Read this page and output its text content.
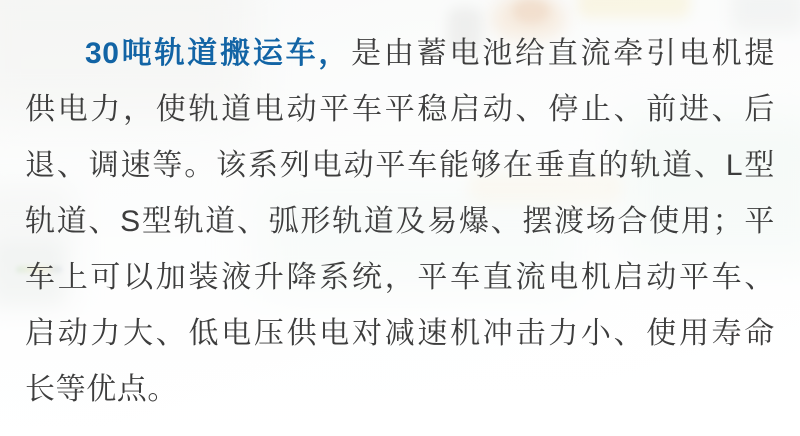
30吨轨道搬运车，是由蓄电池给直流牵引电机提

供电力，使轨道电动平车平稳启动、停止、前进、后

退、调速等。该系列电动平车能够在垂直的轨道、L型

轨道、S型轨道、弧形轨道及易爆、摆渡场合使用；平

车上可以加装液升降系统，平车直流电机启动平车、

启动力大、低电压供电对减速机冲击力小、使用寿命

长等优点。
